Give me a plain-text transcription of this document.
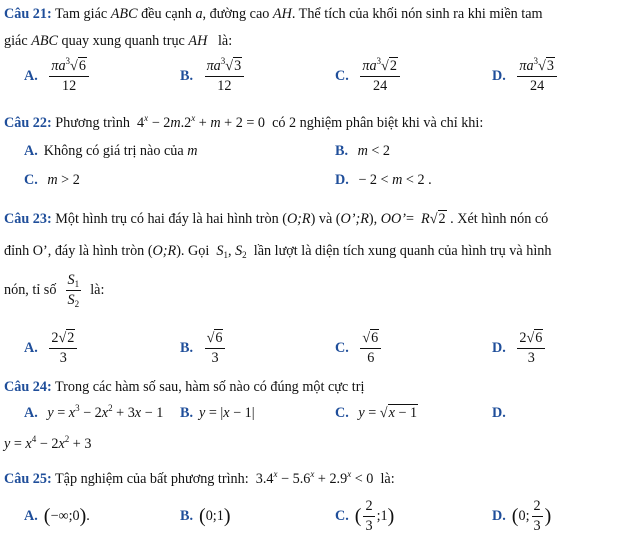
Câu 21: Tam giác ABC đều cạnh a, đường cao AH. Thể tích của khối nón sinh ra khi miền tam
giác ABC quay xung quanh trục AH   là:
A. $\frac{\pi a^3√6}{12}$	B. $\frac{\pi a^3√3}{12}$	C. $\frac{\pi a^3√2}{24}$	D. $\frac{\pi a^3√3}{24}$
Câu 22: Phương trình  $4^x - 2m.2^x + m + 2 = 0$  có 2 nghiệm phân biệt khi và chỉ khi:
A. Không có giá trị nào của m	B. m < 2
C. m > 2	D. − 2 < m < 2 .
Câu 23: Một hình trụ có hai đáy là hai hình tròn (O;R) và (O’;R), OO’=  R√2 . Xét hình nón có
đỉnh O’, đáy là hình tròn (O;R). Gọi  $S_1$, $S_2$  lần lượt là diện tích xung quanh của hình trụ và hình
nón, tỉ số $\frac{S_1}{S_2}$ là:
A. $\frac{2√2}{3}$	B. $\frac{√6}{3}$	C. $\frac{√6}{6}$	D. $\frac{2√6}{3}$
Câu 24: Trong các hàm số sau, hàm số nào có đúng một cực trị
A. $y = x^3 - 2x^2 + 3x - 1$ B. y = |x − 1|	C. y = √x − 1	D.
$y = x^4 - 2x^2 + 3$
Câu 25: Tập nghiệm của bất phương trình:  $3.4^x - 5.6^x + 2.9^x < 0$  là:
A. (−∞;0).	B. (0;1)	C. ( $\frac{2}{3}$ ;1)	D. (0; $\frac{2}{3}$ )
